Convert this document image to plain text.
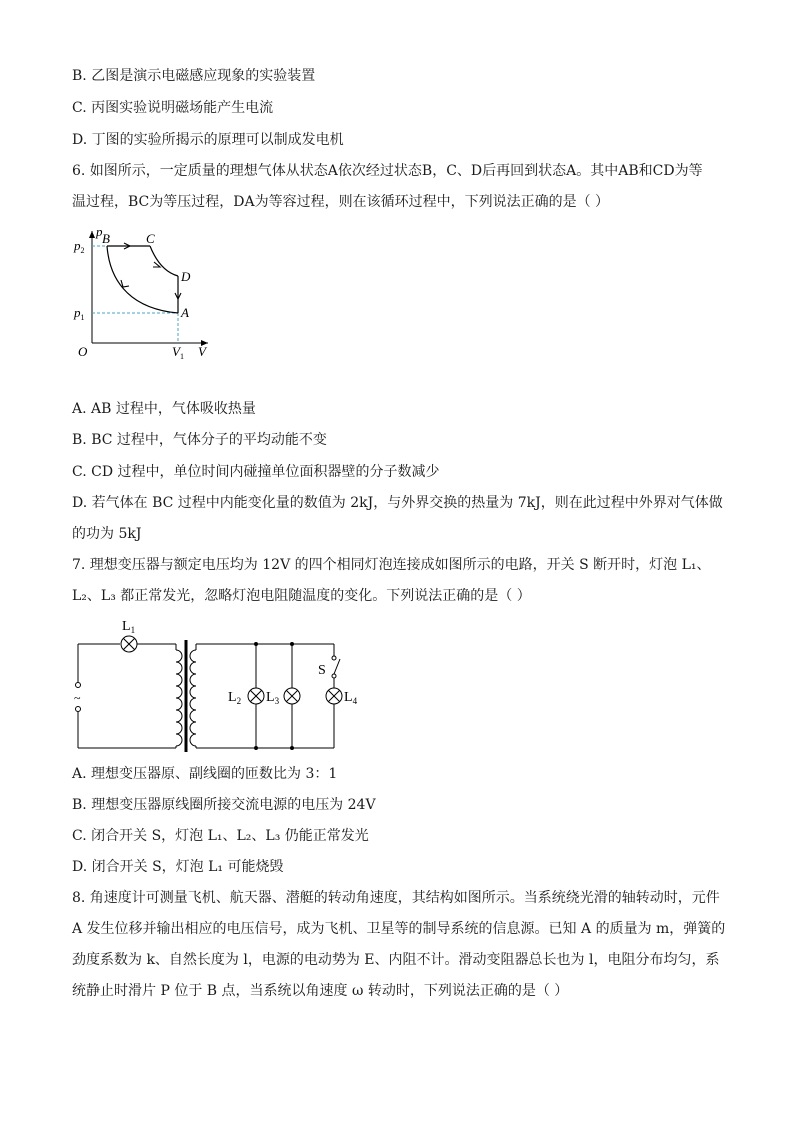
B. 乙图是演示电磁感应现象的实验装置
C. 丙图实验说明磁场能产生电流
D. 丁图的实验所揭示的原理可以制成发电机
6. 如图所示，一定质量的理想气体从状态A依次经过状态B，C、D后再回到状态A。其中AB和CD为等
温过程，BC为等压过程，DA为等容过程，则在该循环过程中，下列说法正确的是（ ）
p
V
O
$p_2$
$p_1$
$V_1$
B	C
D
A
A. AB 过程中，气体吸收热量
B. BC 过程中，气体分子的平均动能不变
C. CD 过程中，单位时间内碰撞单位面积器壁的分子数减少
D. 若气体在 BC 过程中内能变化量的数值为 2kJ，与外界交换的热量为 7kJ，则在此过程中外界对气体做
的功为 5kJ
7. 理想变压器与额定电压均为 12V 的四个相同灯泡连接成如图所示的电路，开关 S 断开时，灯泡 L₁、
L₂、L₃ 都正常发光，忽略灯泡电阻随温度的变化。下列说法正确的是（ ）
$L_1$
~	$L_2$ $L_3$
S
$L_4$
A. 理想变压器原、副线圈的匝数比为 3：1
B. 理想变压器原线圈所接交流电源的电压为 24V
C. 闭合开关 S，灯泡 L₁、L₂、L₃ 仍能正常发光
D. 闭合开关 S，灯泡 L₁ 可能烧毁
8. 角速度计可测量飞机、航天器、潜艇的转动角速度，其结构如图所示。当系统绕光滑的轴转动时，元件
A 发生位移并输出相应的电压信号，成为飞机、卫星等的制导系统的信息源。已知 A 的质量为 m，弹簧的
劲度系数为 k、自然长度为 l，电源的电动势为 E、内阻不计。滑动变阻器总长也为 l，电阻分布均匀，系
统静止时滑片 P 位于 B 点，当系统以角速度 ω 转动时，下列说法正确的是（ ）
